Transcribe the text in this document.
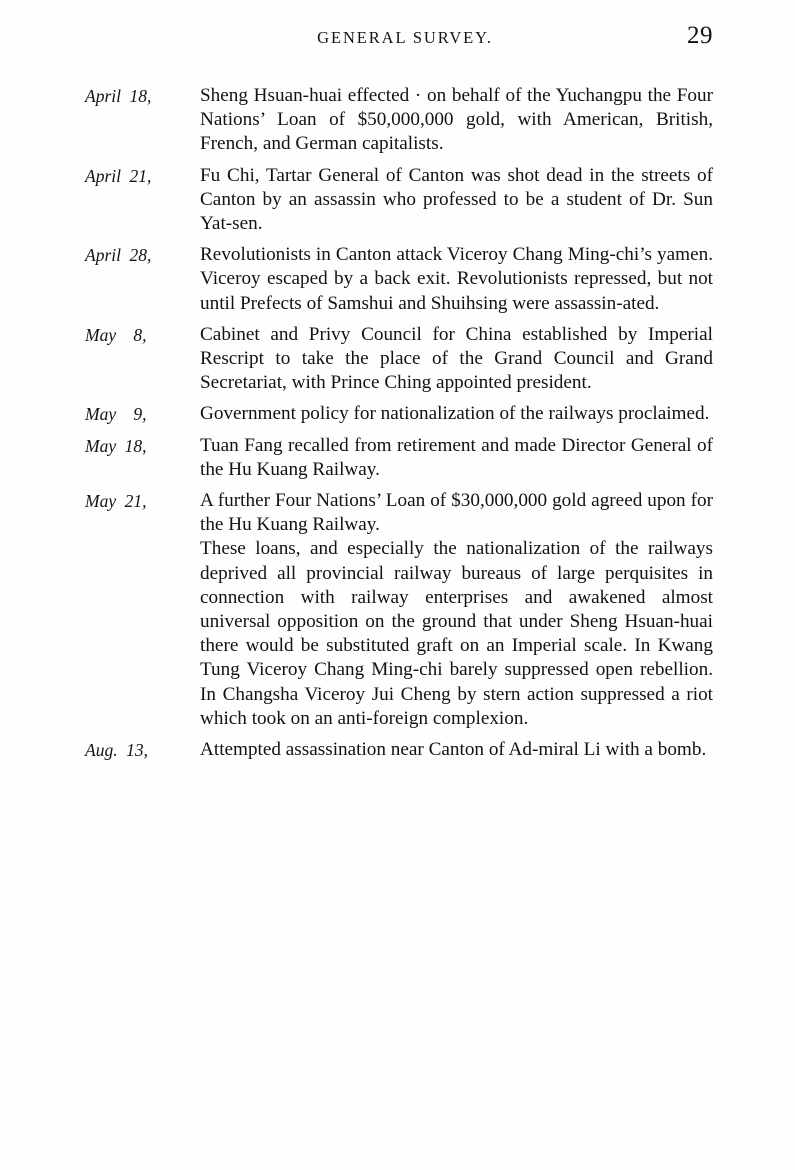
GENERAL SURVEY.	29
April 18,	Sheng Hsuan-huai effected · on behalf of the Yuchangpu the Four Nations’ Loan of $50,000,000 gold, with American, British, French, and German capitalists.

April 21,	Fu Chi, Tartar General of Canton was shot dead in the streets of Canton by an assassin who professed to be a student of Dr. Sun Yat-sen.

April 28,	Revolutionists in Canton attack Viceroy Chang Ming-chi’s yamen. Viceroy escaped by a back exit. Revolutionists repressed, but not until Prefects of Samshui and Shuihsing were assassin-ated.

May 8,	Cabinet and Privy Council for China established by Imperial Rescript to take the place of the Grand Council and Grand Secretariat, with Prince Ching appointed president.

May 9,	Government policy for nationalization of the railways proclaimed.

May 18,	Tuan Fang recalled from retirement and made Director General of the Hu Kuang Railway.

May 21,	A further Four Nations’ Loan of $30,000,000 gold agreed upon for the Hu Kuang Railway.

These loans, and especially the nationalization of the railways deprived all provincial railway bureaus of large perquisites in connection with railway enterprises and awakened almost universal opposition on the ground that under Sheng Hsuan-huai there would be substituted graft on an Imperial scale. In Kwang Tung Viceroy Chang Ming-chi barely suppressed open rebellion. In Changsha Viceroy Jui Cheng by stern action suppressed a riot which took on an anti-foreign complexion.

Aug. 13,	Attempted assassination near Canton of Ad-miral Li with a bomb.
